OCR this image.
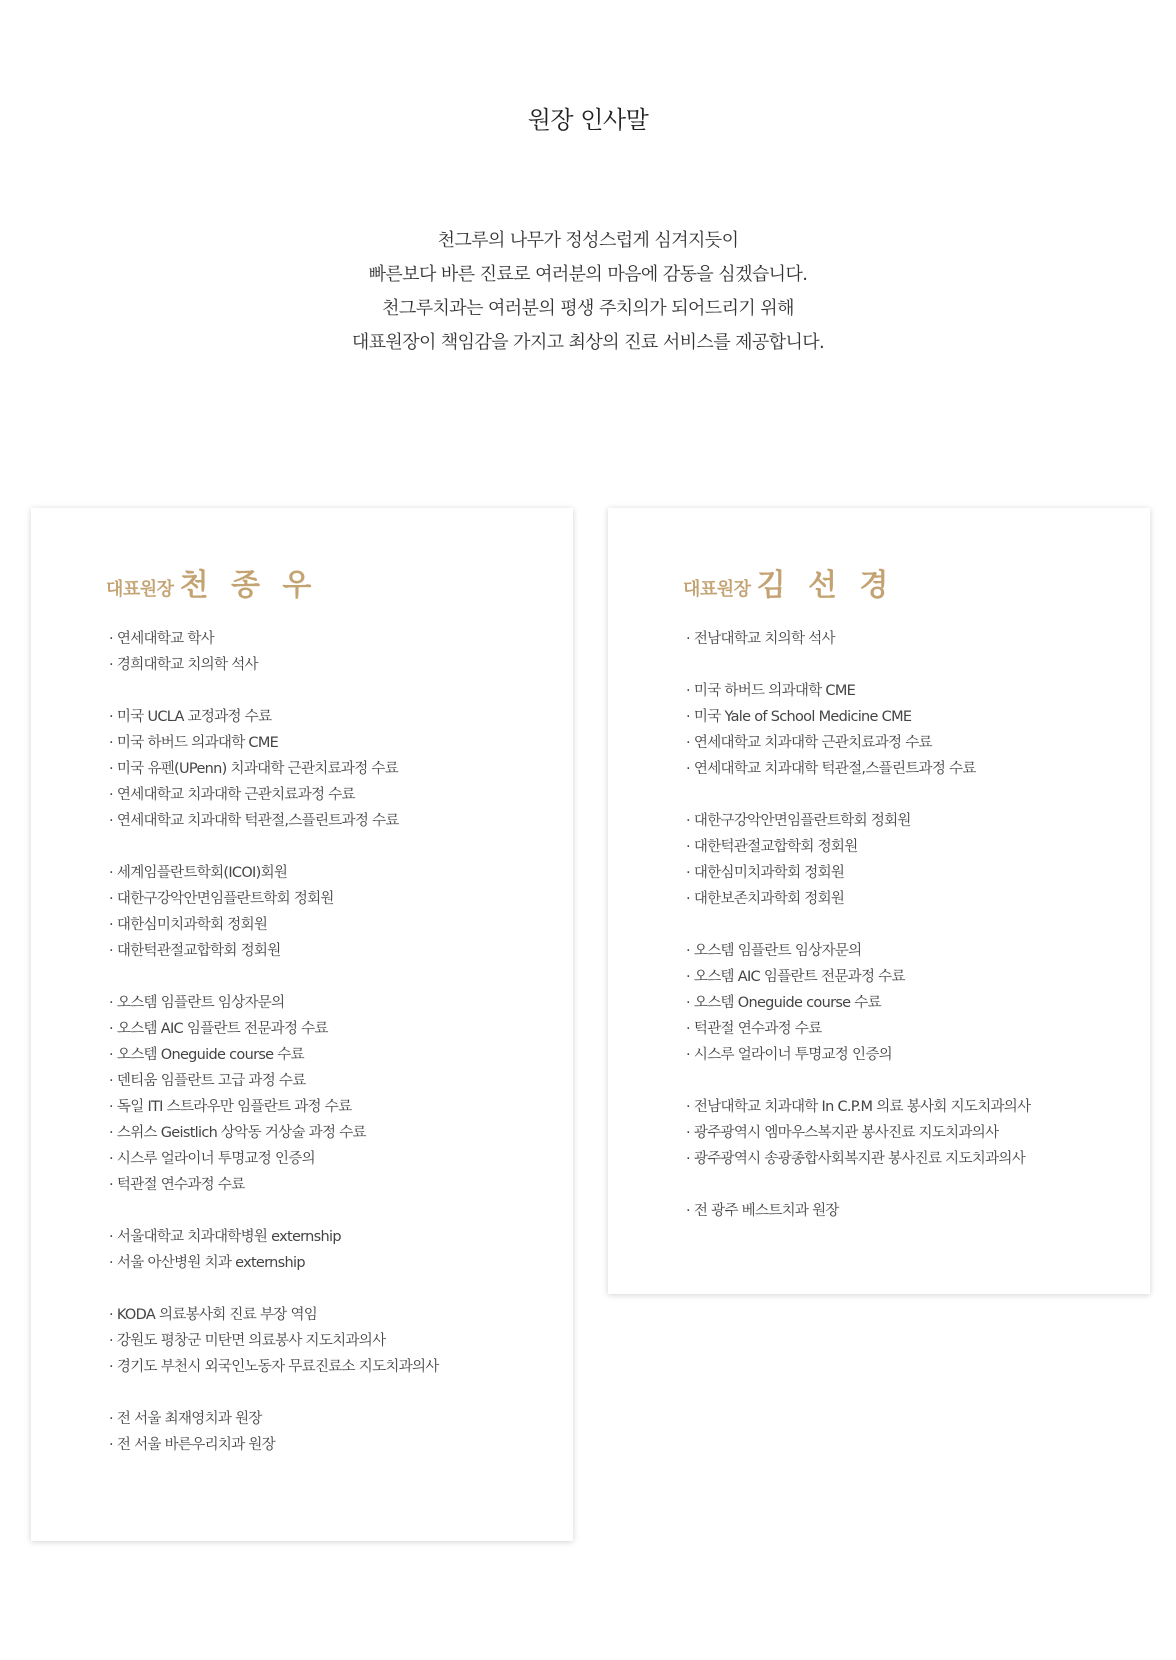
원장 인사말
천그루의 나무가 정성스럽게 심겨지듯이
빠른보다 바른 진료로 여러분의 마음에 감동을 심겠습니다.
천그루치과는 여러분의 평생 주치의가 되어드리기 위해
대표원장이 책임감을 가지고 최상의 진료 서비스를 제공합니다.
대표원장 천 종 우
· 연세대학교 학사
· 경희대학교 치의학 석사
· 미국 UCLA 교정과정 수료
· 미국 하버드 의과대학 CME
· 미국 유펜(UPenn) 치과대학 근관치료과정 수료
· 연세대학교 치과대학 근관치료과정 수료
· 연세대학교 치과대학 턱관절,스플린트과정 수료
· 세계임플란트학회(ICOI)회원
· 대한구강악안면임플란트학회 정회원
· 대한심미치과학회 정회원
· 대한턱관절교합학회 정회원
· 오스템 임플란트 임상자문의
· 오스템 AIC 임플란트 전문과정 수료
· 오스템 Oneguide course 수료
· 덴티움 임플란트 고급 과정 수료
· 독일 ITI 스트라우만 임플란트 과정 수료
· 스위스 Geistlich 상악동 거상술 과정 수료
· 시스루 얼라이너 투명교정 인증의
· 턱관절 연수과정 수료
· 서울대학교 치과대학병원 externship
· 서울 아산병원 치과 externship
· KODA 의료봉사회 진료 부장 역임
· 강원도 평창군 미탄면 의료봉사 지도치과의사
· 경기도 부천시 외국인노동자 무료진료소 지도치과의사
· 전 서울 최재영치과 원장
· 전 서울 바른우리치과 원장
대표원장 김 선 경
· 전남대학교 치의학 석사
· 미국 하버드 의과대학 CME
· 미국 Yale of School Medicine CME
· 연세대학교 치과대학 근관치료과정 수료
· 연세대학교 치과대학 턱관절,스플린트과정 수료
· 대한구강악안면임플란트학회 정회원
· 대한턱관절교합학회 정회원
· 대한심미치과학회 정회원
· 대한보존치과학회 정회원
· 오스템 임플란트 임상자문의
· 오스템 AIC 임플란트 전문과정 수료
· 오스템 Oneguide course 수료
· 턱관절 연수과정 수료
· 시스루 얼라이너 투명교정 인증의
· 전남대학교 치과대학 In C.P.M 의료 봉사회 지도치과의사
· 광주광역시 엠마우스복지관 봉사진료 지도치과의사
· 광주광역시 송광종합사회복지관 봉사진료 지도치과의사
· 전 광주 베스트치과 원장
